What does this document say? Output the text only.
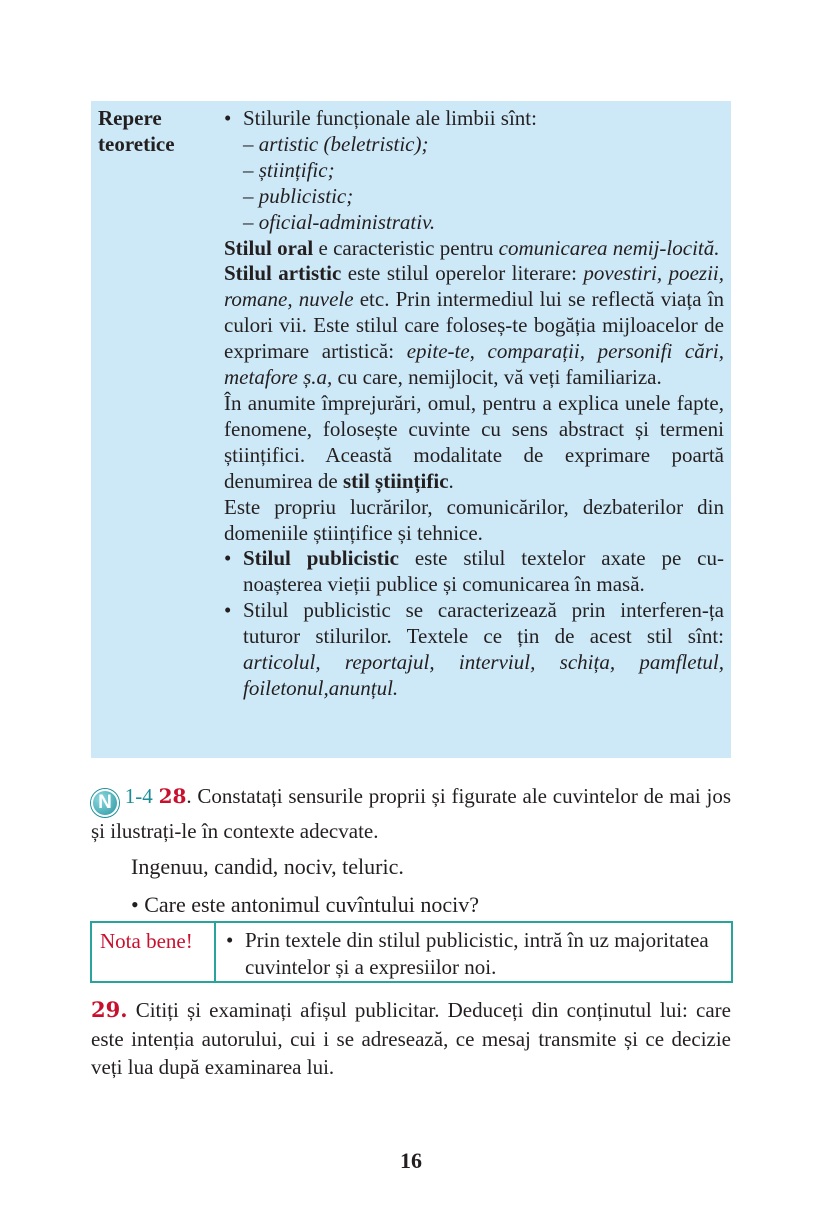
Repere
teoretice

• Stilurile funcționale ale limbii sînt:

– artistic (beletristic);

– științific;

– publicistic;

– oficial-administrativ.

Stilul oral e caracteristic pentru comunicarea nemij-locită.

Stilul artistic este stilul operelor literare: povestiri, poezii, romane, nuvele etc. Prin intermediul lui se reflectă viața în culori vii. Este stilul care foloseș-te bogăția mijloacelor de exprimare artistică: epite-te, comparații, personifi cări, metafore ș.a, cu care, nemijlocit, vă veți familiariza.

În anumite împrejurări, omul, pentru a explica unele fapte, fenomene, folosește cuvinte cu sens abstract și termeni științifici. Această modalitate de exprimare poartă denumirea de stil științific.

Este propriu lucrărilor, comunicărilor, dezbaterilor din domeniile științifice și tehnice.

• Stilul publicistic este stilul textelor axate pe cu-noașterea vieții publice și comunicarea în masă.

• Stilul publicistic se caracterizează prin interferen-ța tuturor stilurilor. Textele ce țin de acest stil sînt: articolul, reportajul, interviul, schița, pamfletul, foiletonul,anunțul.

N 1-4 28. Constatați sensurile proprii și figurate ale cuvintelor de mai jos și ilustrați-le în contexte adecvate.

Ingenuu, candid, nociv, teluric.
• Care este antonimul cuvîntului nociv?
Nota bene!	• Prin textele din stilul publicistic, intră în uz majoritatea cuvintelor și a expresiilor noi.
29. Citiți și examinați afișul publicitar. Deduceți din conținutul lui: care este intenția autorului, cui i se adresează, ce mesaj transmite și ce decizie veți lua după examinarea lui.
16
